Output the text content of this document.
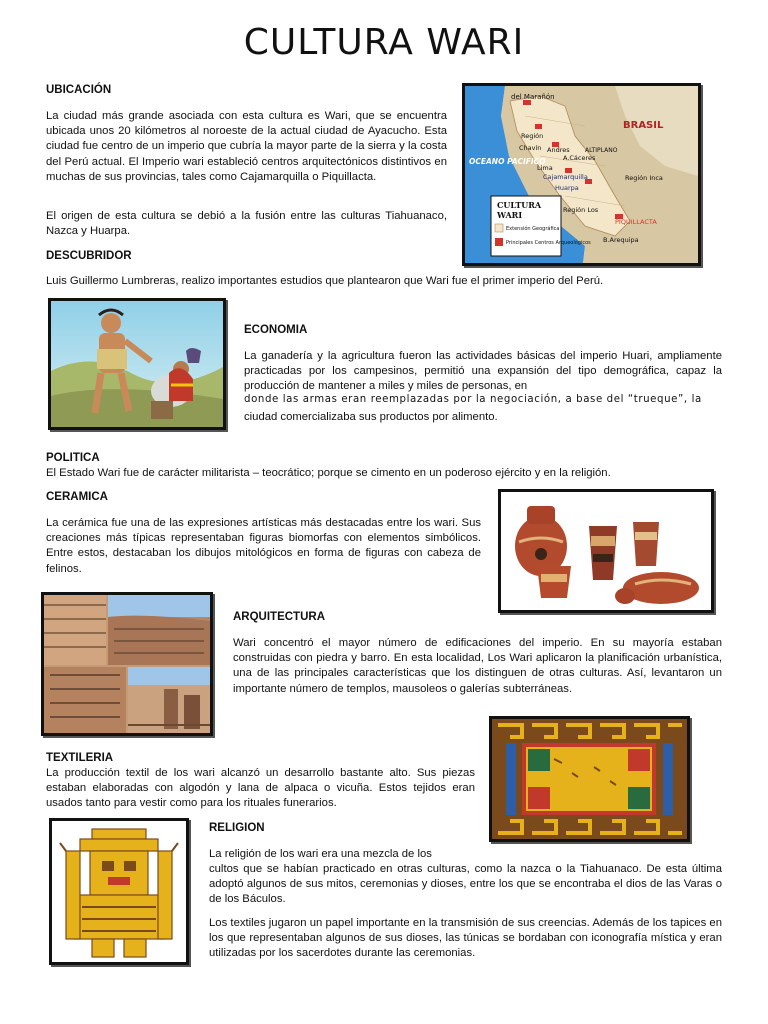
CULTURA WARI
UBICACIÓN
La ciudad más grande asociada con esta cultura es Wari, que se encuentra ubicada unos 20 kilómetros al noroeste de la actual ciudad de Ayacucho. Esta ciudad fue centro de un imperio que cubría la mayor parte de la sierra y la costa del Perú actual. El Imperio wari estableció centros arquitectónicos distintivos en muchas de sus provincias, tales como Cajamarquilla o Piquillacta.
El origen de esta cultura se debió a la fusión entre las culturas Tiahuanaco, Nazca y Huarpa.
del Marañón
Región
Chavín Andres
A.Cáceres
Lima
Cajamarquilla
Huarpa
Región Inca
Región Los
PIQUILLACTA
B.Arequipa
ALTIPLANO
BRASIL
OCEANO PACIFICO
CULTURA
WARI
Extensión Geográfica
Principales Centros Arqueológicos
DESCUBRIDOR
Luis Guillermo Lumbreras, realizo importantes estudios que plantearon que Wari fue el primer imperio del Perú.
ECONOMIA
La ganadería y la agricultura fueron las actividades básicas del imperio Huari, ampliamente practicadas por los campesinos, permitió una expansión del tipo demográfica, capaz la producción de mantener a miles y miles de personas, en
donde las armas eran reemplazadas por la negociación, a base del “trueque”, la
ciudad comercializaba sus productos por alimento.
POLITICA
El Estado Wari fue de carácter militarista – teocrático; porque se cimento en un poderoso ejército y en la religión.
CERAMICA
La cerámica fue una de las expresiones artísticas más destacadas entre los wari. Sus creaciones más típicas representaban figuras biomorfas con elementos simbólicos. Entre estos, destacaban los dibujos mitológicos en forma de figuras con cabeza de felinos.
ARQUITECTURA
Wari concentró el mayor número de edificaciones del imperio. En su mayoría estaban construidas con piedra y barro. En esta localidad, Los Wari aplicaron la planificación urbanística, una de las principales características que los distinguen de otras culturas. Así, levantaron un importante número de templos, mausoleos o galerías subterráneas.
TEXTILERIA
La producción textil de los wari alcanzó un desarrollo bastante alto. Sus piezas estaban elaboradas con algodón y lana de alpaca o vicuña. Estos tejidos eran usados tanto para vestir como para los rituales funerarios.
RELIGION
La religión de los wari era una mezcla de los
cultos que se habían practicado en otras culturas, como la nazca o la Tiahuanaco. De esta última adoptó algunos de sus mitos, ceremonias y dioses, entre los que se encontraba el dios de las Varas o de los Báculos.
Los textiles jugaron un papel importante en la transmisión de sus creencias. Además de los tapices en los que representaban algunos de sus dioses, las túnicas se bordaban con iconografía mística y eran utilizadas por los sacerdotes durante las ceremonias.
